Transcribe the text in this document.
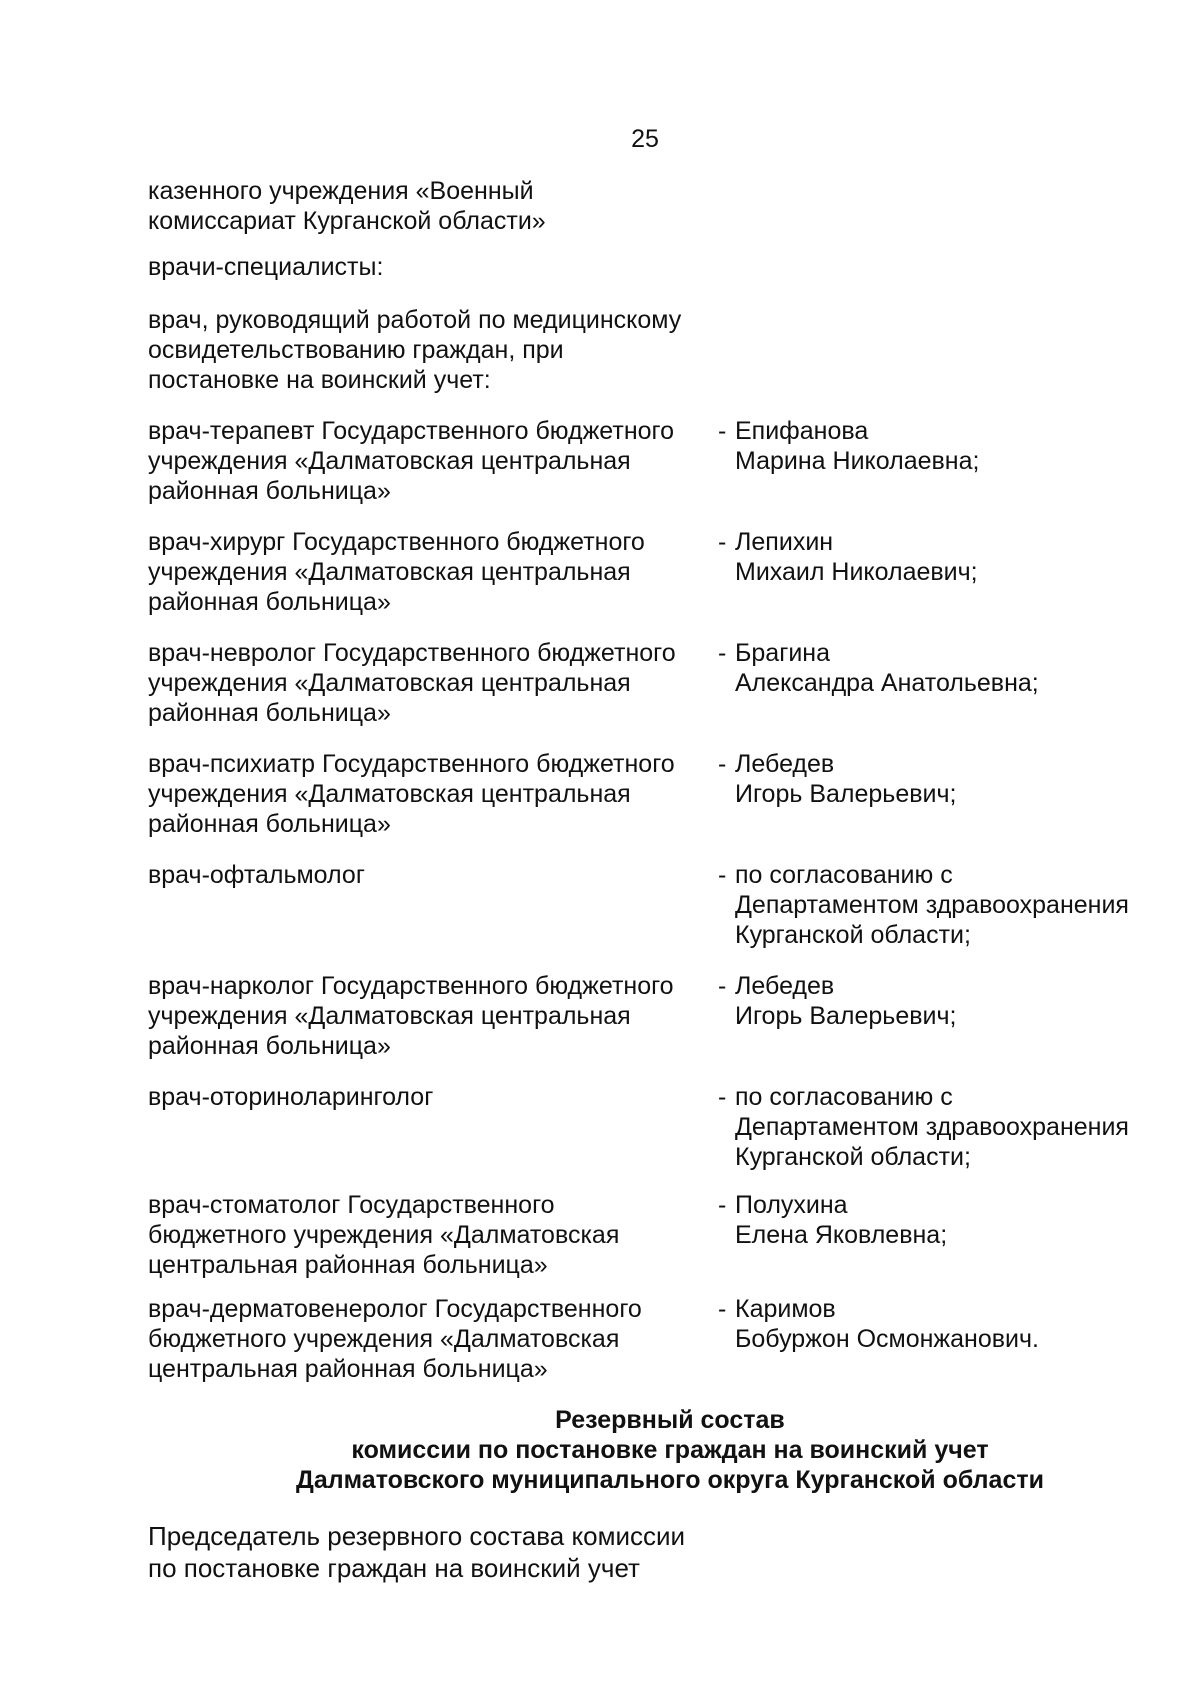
25
казенного учреждения «Военный
комиссариат Курганской области»
врачи-специалисты:
врач, руководящий работой по медицинскому
освидетельствованию граждан, при
постановке на воинский учет:
врач-терапевт Государственного бюджетного
учреждения «Далматовская центральная
районная больница»
- Епифанова
Марина Николаевна;
врач-хирург Государственного бюджетного
учреждения «Далматовская центральная
районная больница»
- Лепихин
Михаил Николаевич;
врач-невролог Государственного бюджетного
учреждения «Далматовская центральная
районная больница»
- Брагина
Александра Анатольевна;
врач-психиатр Государственного бюджетного
учреждения «Далматовская центральная
районная больница»
- Лебедев
Игорь Валерьевич;
врач-офтальмолог	- по согласованию с
Департаментом здравоохранения
Курганской области;
врач-нарколог Государственного бюджетного
учреждения «Далматовская центральная
районная больница»
- Лебедев
Игорь Валерьевич;
врач-оториноларинголог	- по согласованию с
Департаментом здравоохранения
Курганской области;
врач-стоматолог Государственного
бюджетного учреждения «Далматовская
центральная районная больница»
- Полухина
Елена Яковлевна;
врач-дерматовенеролог Государственного
бюджетного учреждения «Далматовская
центральная районная больница»
- Каримов
Бобуржон Осмонжанович.
Резервный состав
комиссии по постановке граждан на воинский учет
Далматовского муниципального округа Курганской области
Председатель резервного состава комиссии
по постановке граждан на воинский учет
